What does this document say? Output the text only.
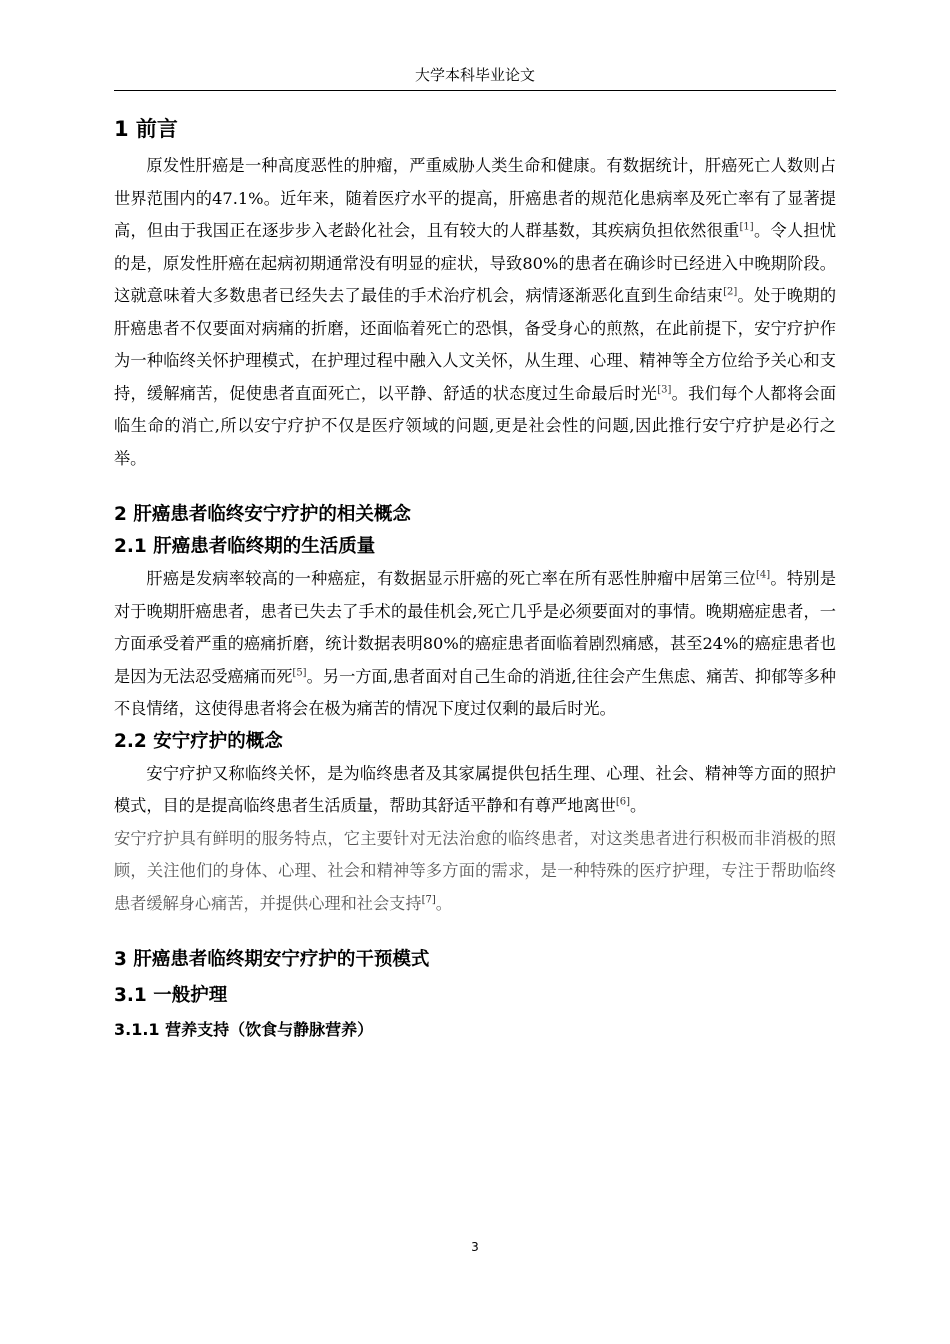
大学本科毕业论文
1 前言

原发性肝癌是一种高度恶性的肿瘤，严重威胁人类生命和健康。有数据统计，肝癌死亡人数则占世界范围内的47.1%。近年来，随着医疗水平的提高，肝癌患者的规范化患病率及死亡率有了显著提高，但由于我国正在逐步步入老龄化社会，且有较大的人群基数，其疾病负担依然很重[1]。令人担忧的是，原发性肝癌在起病初期通常没有明显的症状，导致80%的患者在确诊时已经进入中晚期阶段。这就意味着大多数患者已经失去了最佳的手术治疗机会，病情逐渐恶化直到生命结束[2]。处于晚期的肝癌患者不仅要面对病痛的折磨，还面临着死亡的恐惧，备受身心的煎熬，在此前提下，安宁疗护作为一种临终关怀护理模式，在护理过程中融入人文关怀，从生理、心理、精神等全方位给予关心和支持，缓解痛苦，促使患者直面死亡，以平静、舒适的状态度过生命最后时光[3]。我们每个人都将会面临生命的消亡,所以安宁疗护不仅是医疗领域的问题,更是社会性的问题,因此推行安宁疗护是必行之举。

2 肝癌患者临终安宁疗护的相关概念
2.1 肝癌患者临终期的生活质量

肝癌是发病率较高的一种癌症，有数据显示肝癌的死亡率在所有恶性肿瘤中居第三位[4]。特别是对于晚期肝癌患者，患者已失去了手术的最佳机会,死亡几乎是必须要面对的事情。晚期癌症患者，一方面承受着严重的癌痛折磨，统计数据表明80%的癌症患者面临着剧烈痛感，甚至24%的癌症患者也是因为无法忍受癌痛而死[5]。另一方面,患者面对自己生命的消逝,往往会产生焦虑、痛苦、抑郁等多种不良情绪，这使得患者将会在极为痛苦的情况下度过仅剩的最后时光。

2.2 安宁疗护的概念

安宁疗护又称临终关怀，是为临终患者及其家属提供包括生理、心理、社会、精神等方面的照护模式，目的是提高临终患者生活质量，帮助其舒适平静和有尊严地离世[6]。

安宁疗护具有鲜明的服务特点，它主要针对无法治愈的临终患者，对这类患者进行积极而非消极的照顾，关注他们的身体、心理、社会和精神等多方面的需求，是一种特殊的医疗护理，专注于帮助临终患者缓解身心痛苦，并提供心理和社会支持[7]。

3 肝癌患者临终期安宁疗护的干预模式
3.1 一般护理
3.1.1 营养支持（饮食与静脉营养）
3
